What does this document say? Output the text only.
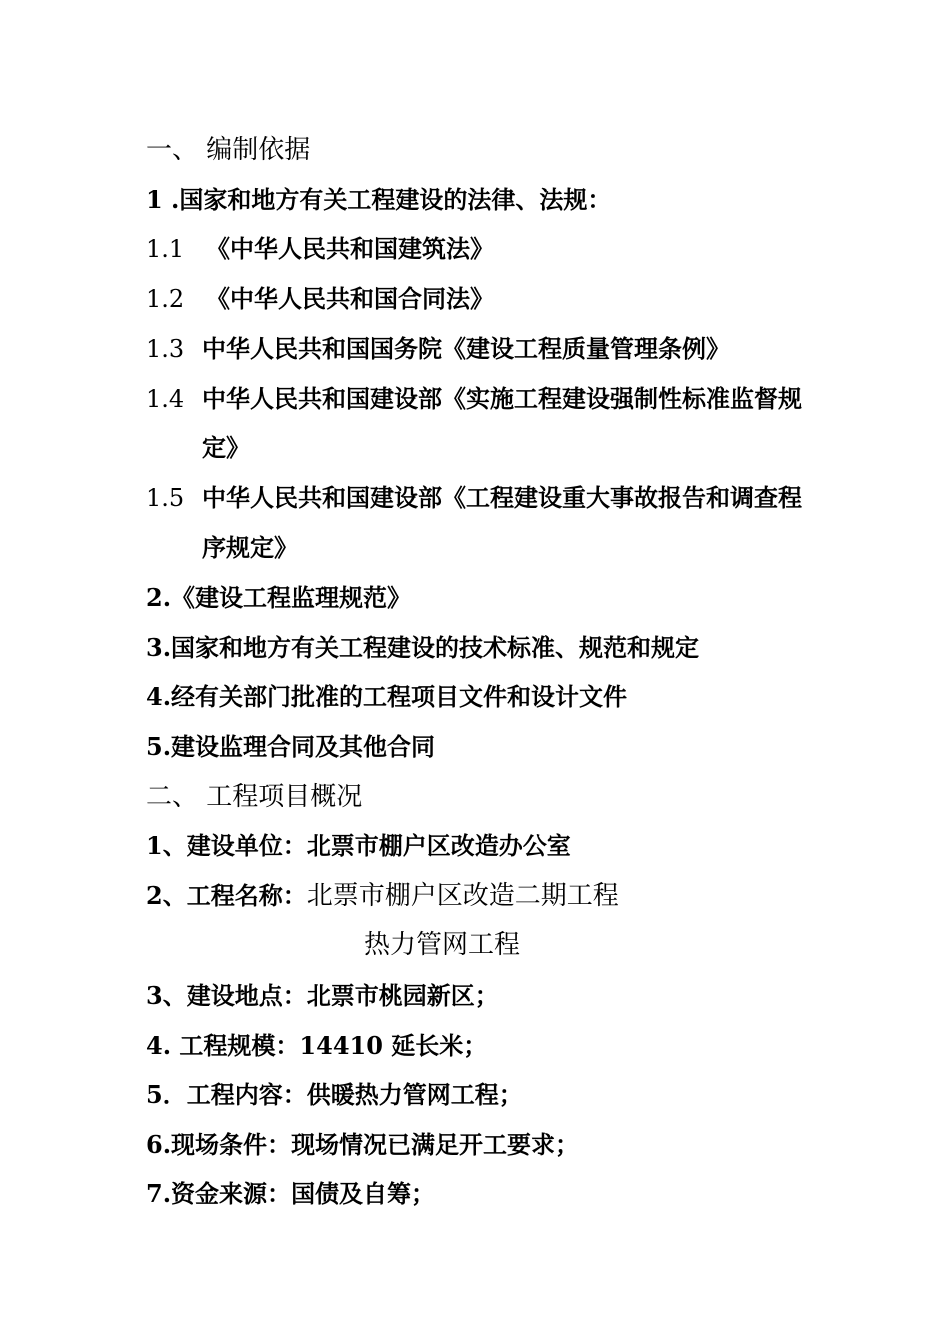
一、 编制依据
1 .国家和地方有关工程建设的法律、法规：
1.1 《中华人民共和国建筑法》
1.2 《中华人民共和国合同法》
1.3 中华人民共和国国务院《建设工程质量管理条例》
1.4 中华人民共和国建设部《实施工程建设强制性标准监督规
定》
1.5 中华人民共和国建设部《工程建设重大事故报告和调查程
序规定》
2.《建设工程监理规范》
3.国家和地方有关工程建设的技术标准、规范和规定
4.经有关部门批准的工程项目文件和设计文件
5.建设监理合同及其他合同
二、 工程项目概况
1、建设单位：北票市棚户区改造办公室
2、工程名称：北票市棚户区改造二期工程
热力管网工程
3、建设地点：北票市桃园新区；
4. 工程规模：14410 延长米；
5．工程内容：供暖热力管网工程；
6.现场条件：现场情况已满足开工要求；
7.资金来源：国债及自筹；
